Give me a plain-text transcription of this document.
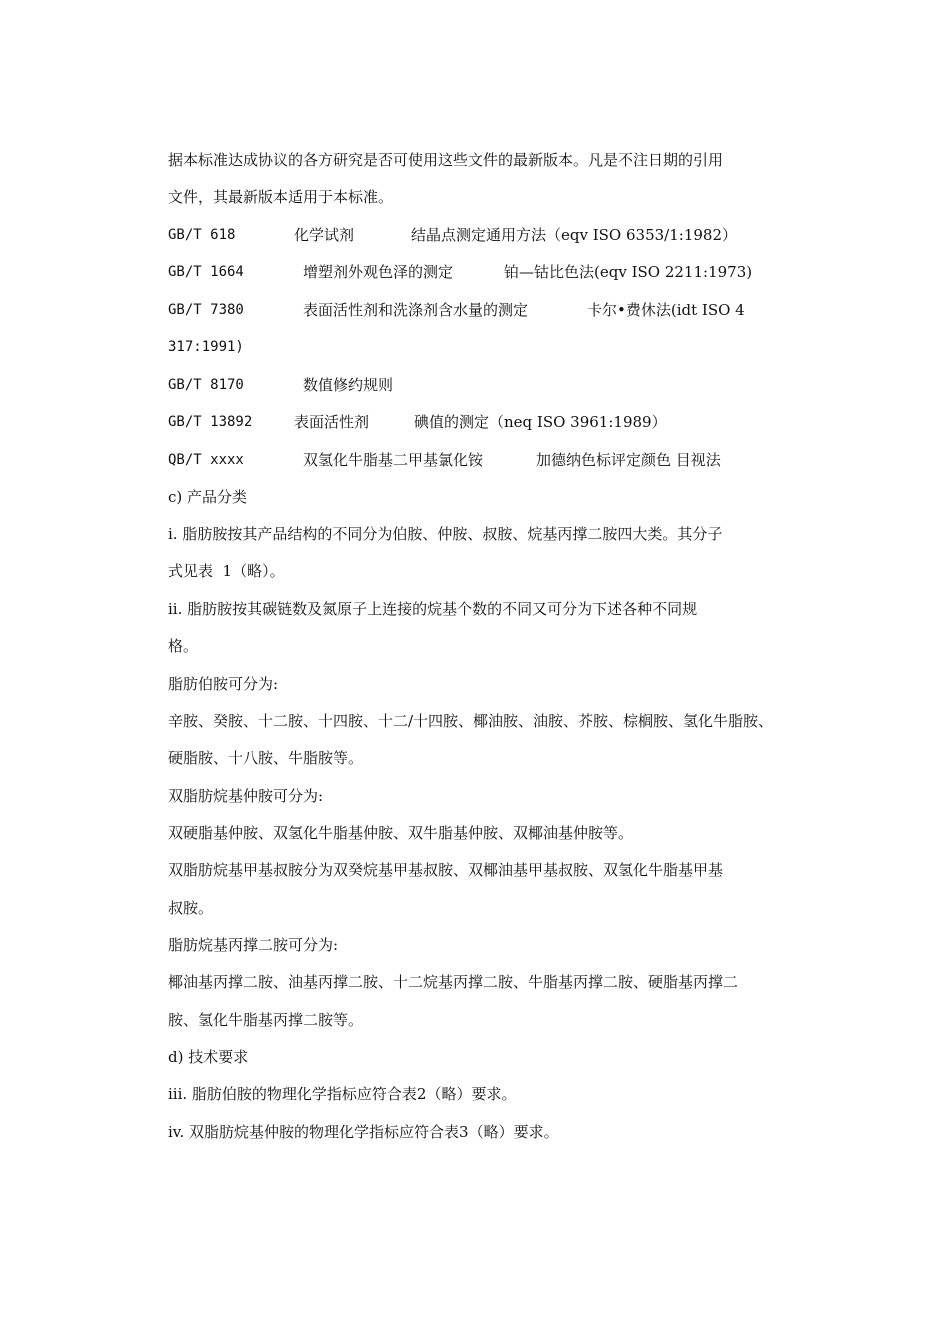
据本标准达成协议的各方研究是否可使用这些文件的最新版本。凡是不注日期的引用
文件，其最新版本适用于本标准。
GB/T 618	化学试剂	结晶点测定通用方法（eqv ISO 6353/1:1982）
GB/T 1664	增塑剂外观色泽的测定	铂—钴比色法(eqv ISO 2211:1973)
GB/T 7380	表面活性剂和洗涤剂含水量的测定	卡尔•费休法(idt ISO 4
317:1991)
GB/T 8170	数值修约规则
GB/T 13892	表面活性剂	碘值的测定（neq ISO 3961:1989）
QB/T xxxx	双氢化牛脂基二甲基氯化铵	加德纳色标评定颜色 目视法
c) 产品分类
i. 脂肪胺按其产品结构的不同分为伯胺、仲胺、叔胺、烷基丙撑二胺四大类。其分子
式见表  1（略）。
ii. 脂肪胺按其碳链数及氮原子上连接的烷基个数的不同又可分为下述各种不同规
格。
脂肪伯胺可分为:
辛胺、癸胺、十二胺、十四胺、十二/十四胺、椰油胺、油胺、芥胺、棕榈胺、氢化牛脂胺、
硬脂胺、十八胺、牛脂胺等。
双脂肪烷基仲胺可分为:
双硬脂基仲胺、双氢化牛脂基仲胺、双牛脂基仲胺、双椰油基仲胺等。
双脂肪烷基甲基叔胺分为双癸烷基甲基叔胺、双椰油基甲基叔胺、双氢化牛脂基甲基
叔胺。
脂肪烷基丙撑二胺可分为:
椰油基丙撑二胺、油基丙撑二胺、十二烷基丙撑二胺、牛脂基丙撑二胺、硬脂基丙撑二
胺、氢化牛脂基丙撑二胺等。
d) 技术要求
iii. 脂肪伯胺的物理化学指标应符合表2（略）要求。
iv. 双脂肪烷基仲胺的物理化学指标应符合表3（略）要求。
